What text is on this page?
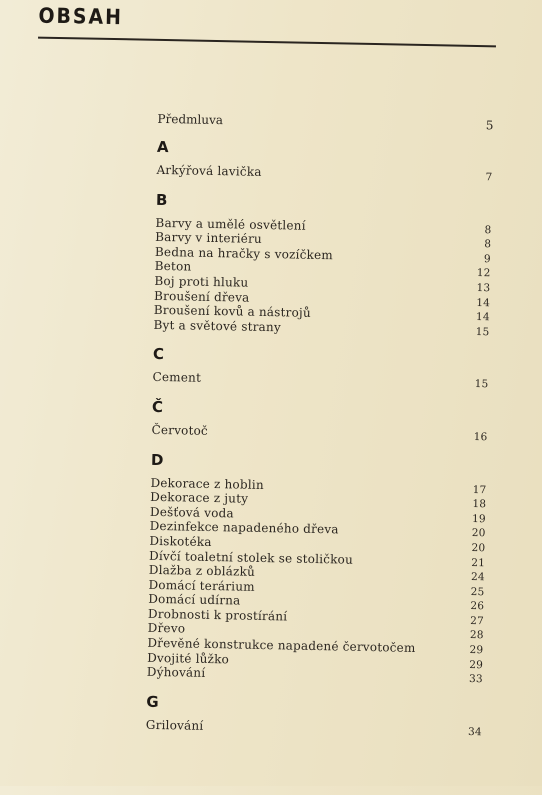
OBSAH
Předmluva	5
A
Arkýřová lavička	7
B
Barvy a umělé osvětlení	8
Barvy v interiéru	8
Bedna na hračky s vozíčkem	9
Beton	12
Boj proti hluku	13
Broušení dřeva	14
Broušení kovů a nástrojů	14
Byt a světové strany	15
C
Cement	15
Č
Červotoč	16
D
Dekorace z hoblin	17
Dekorace z juty	18
Dešťová voda	19
Dezinfekce napadeného dřeva	20
Diskotéka	20
Dívčí toaletní stolek se stoličkou	21
Dlažba z oblázků	24
Domácí terárium	25
Domácí udírna	26
Drobnosti k prostírání	27
Dřevo	28
Dřevěné konstrukce napadené červotočem	29
Dvojité lůžko	29
Dýhování	33
G
Grilování	34
